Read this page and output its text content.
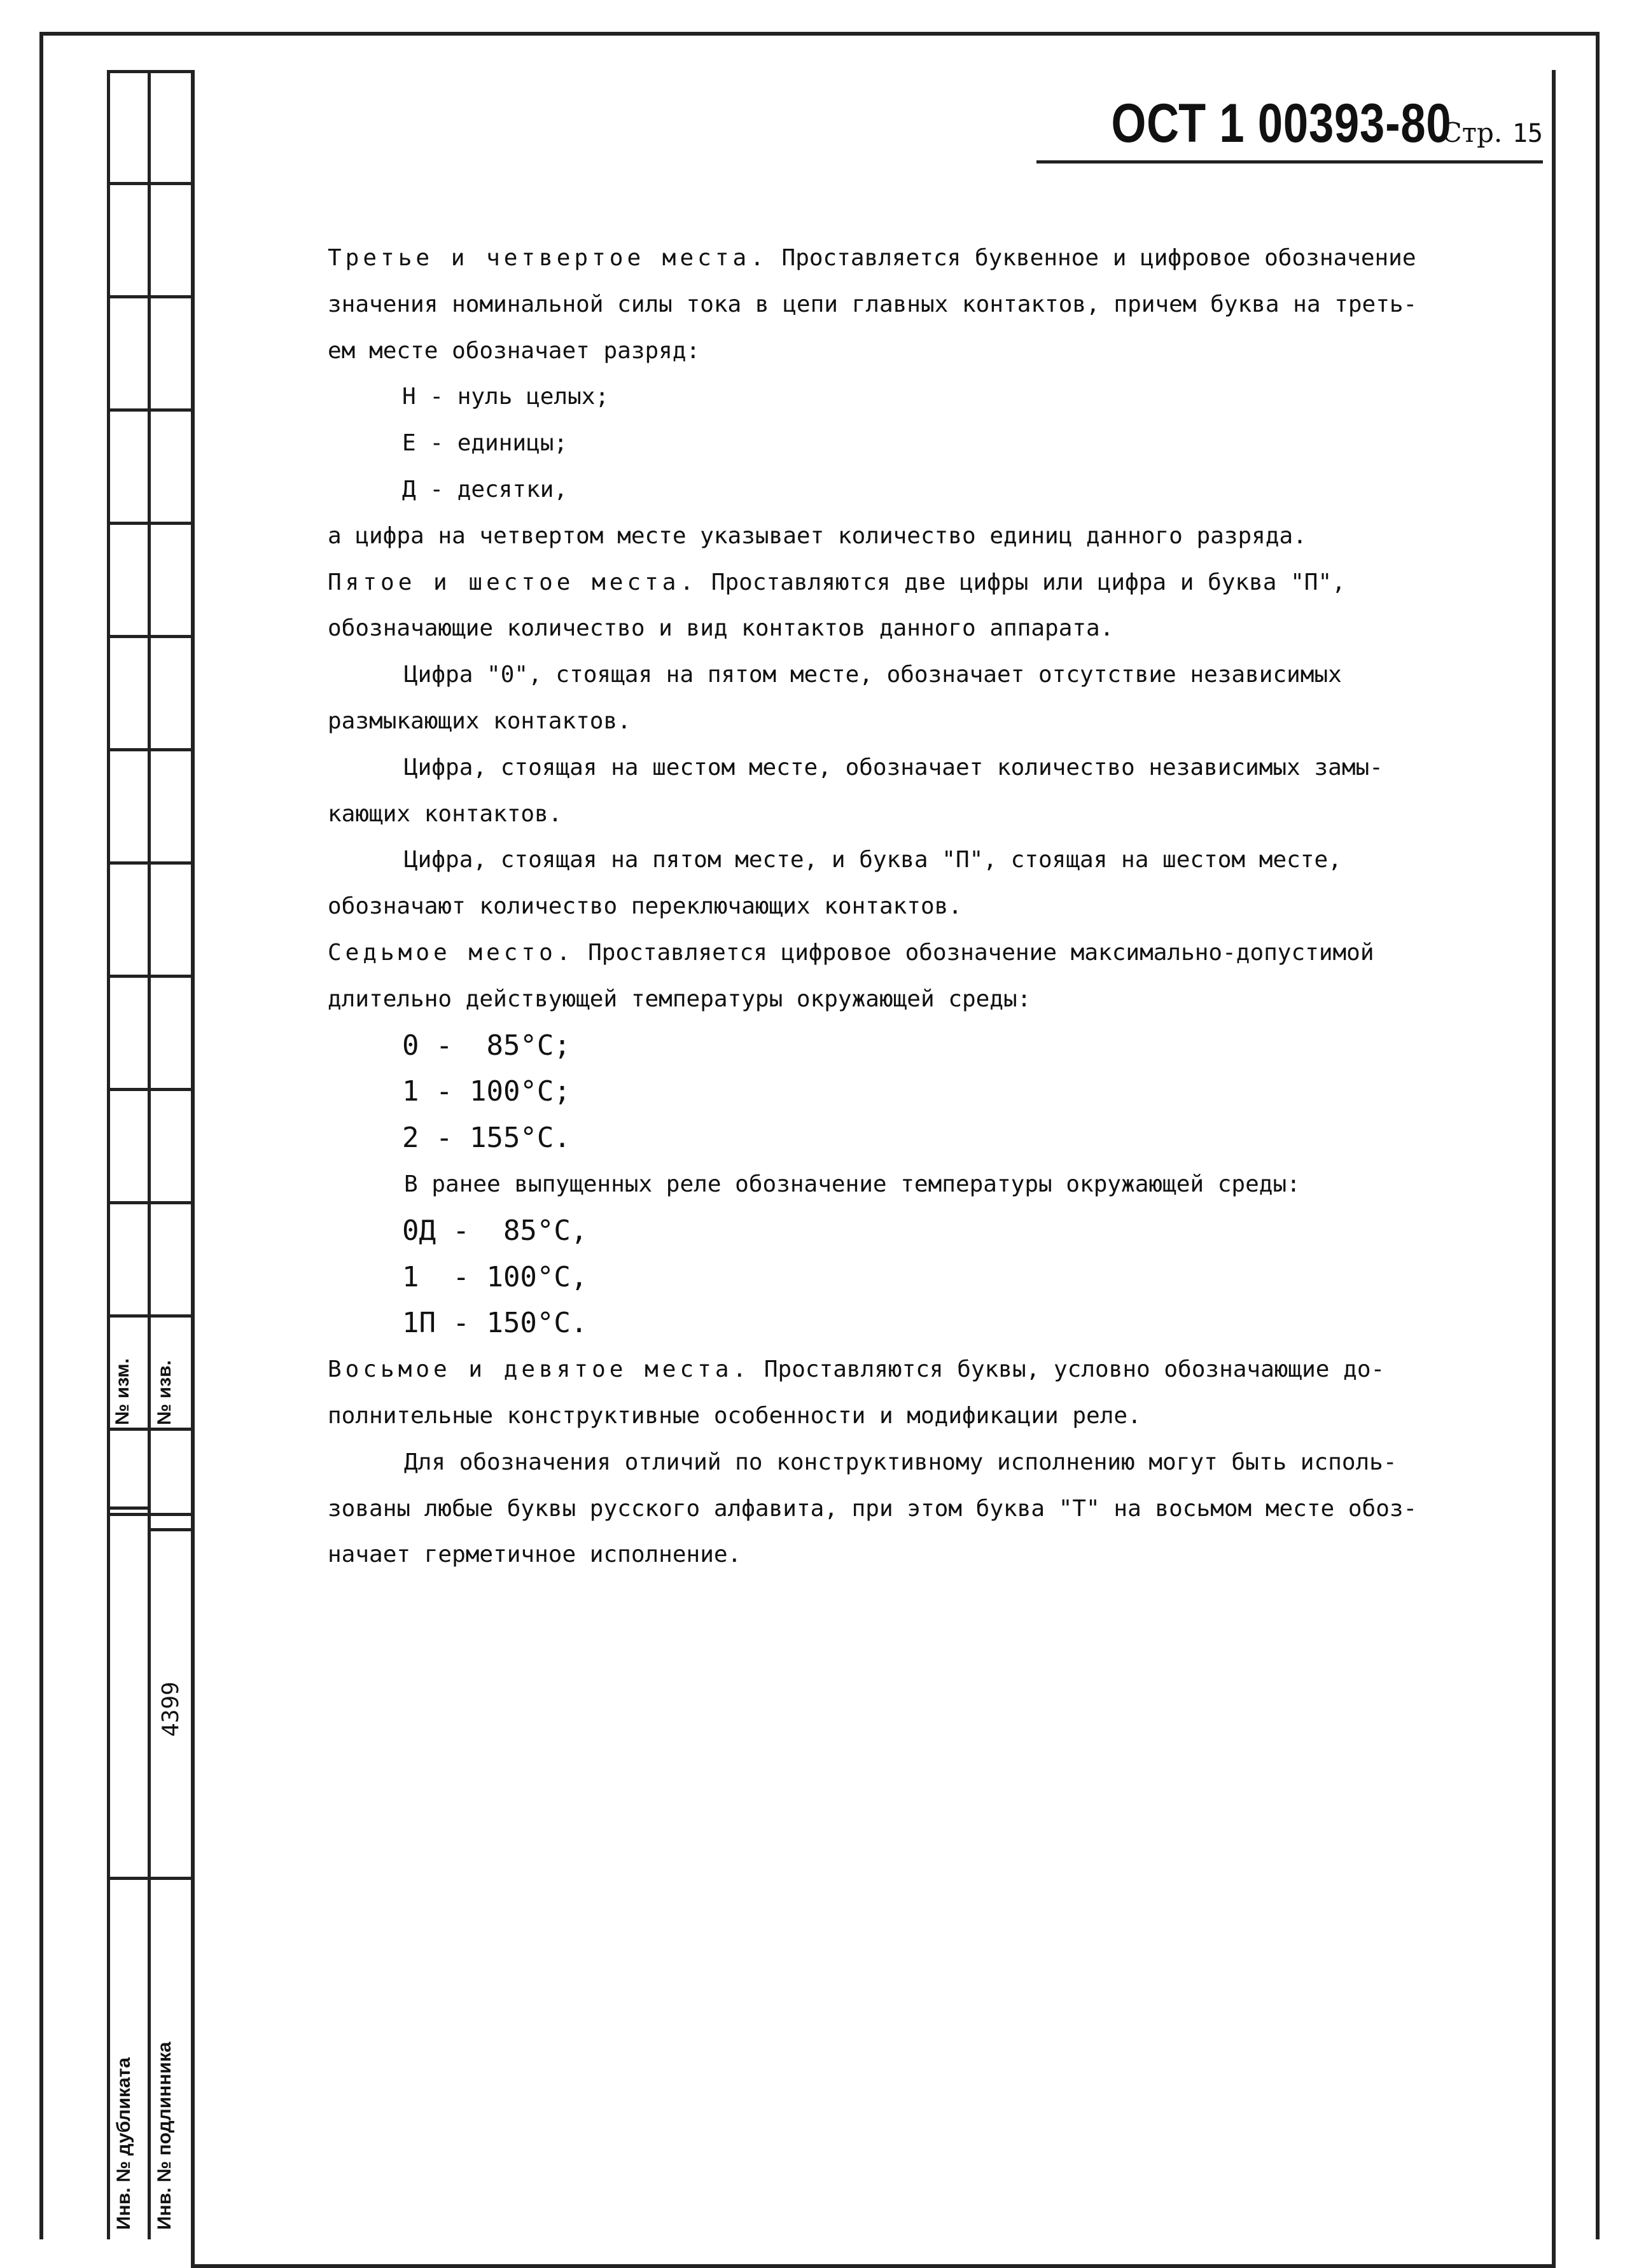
№ изм. № изв.
4399
Инв. № дубликата Инв. № подлинника
ОСТ 1 00393-80
Стр. 15
Третье и четвертое места. Проставляется буквенное и цифровое обозначение
значения номинальной силы тока в цепи главных контактов, причем буква на треть-
ем месте обозначает разряд:
Н - нуль целых;
Е - единицы;
Д - десятки,
а цифра на четвертом месте указывает количество единиц данного разряда.
Пятое и шестое места. Проставляются две цифры или цифра и буква "П",
обозначающие количество и вид контактов данного аппарата.
Цифра "0", стоящая на пятом месте, обозначает отсутствие независимых
размыкающих контактов.
Цифра, стоящая на шестом месте, обозначает количество независимых замы-
кающих контактов.
Цифра, стоящая на пятом месте, и буква "П", стоящая на шестом месте,
обозначают количество переключающих контактов.
Седьмое место. Проставляется цифровое обозначение максимально-допустимой
длительно действующей температуры окружающей среды:
0 -  85°С;
1 - 100°С;
2 - 155°С.
В ранее выпущенных реле обозначение температуры окружающей среды:
0Д -  85°С,
1  - 100°С,
1П - 150°С.
Восьмое и девятое места. Проставляются буквы, условно обозначающие до-
полнительные конструктивные особенности и модификации реле.
Для обозначения отличий по конструктивному исполнению могут быть исполь-
зованы любые буквы русского алфавита, при этом буква "Т" на восьмом месте обоз-
начает герметичное исполнение.
